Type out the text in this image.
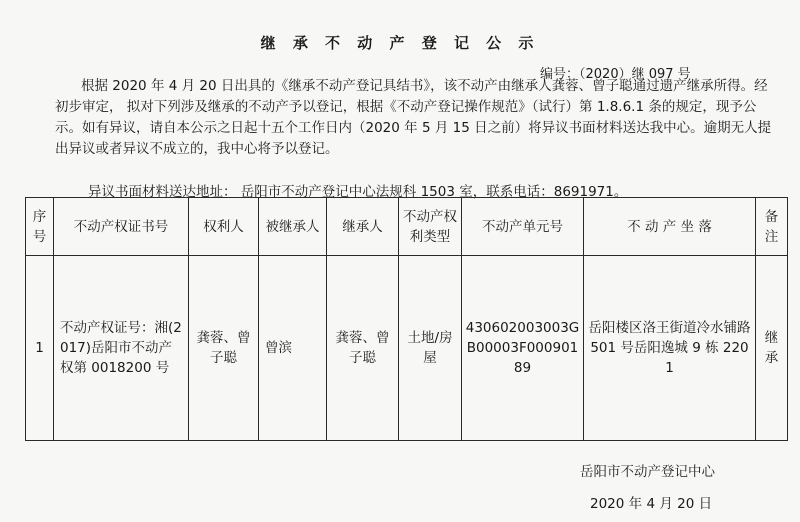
继 承 不 动 产 登 记 公 示
编号：（2020）继 097 号
根据 2020 年 4 月 20 日出具的《继承不动产登记具结书》，该不动产由继承人龚蓉、曾子聪通过遗产继承所得。经初步审定， 拟对下列涉及继承的不动产予以登记，根据《不动产登记操作规范》（试行）第 1.8.6.1 条的规定，现予公示。如有异议，请自本公示之日起十五个工作日内（2020 年 5 月 15 日之前）将异议书面材料送达我中心。逾期无人提出异议或者异议不成立的，我中心将予以登记。
异议书面材料送达地址： 岳阳市不动产登记中心法规科 1503 室，联系电话：8691971。
序号	不动产权证书号	权利人	被继承人	继承人	不动产权利类型	不动产单元号	不 动 产 坐 落	备注
1	不动产权证号：湘(2017)岳阳市不动产权第 0018200 号	龚蓉、曾子聪	曾滨	龚蓉、曾子聪	土地/房屋	430602003003GB00003F00090189	岳阳楼区洛王街道冷水铺路 501 号岳阳逸城 9 栋 2201	继承
岳阳市不动产登记中心
2020 年 4 月 20 日
